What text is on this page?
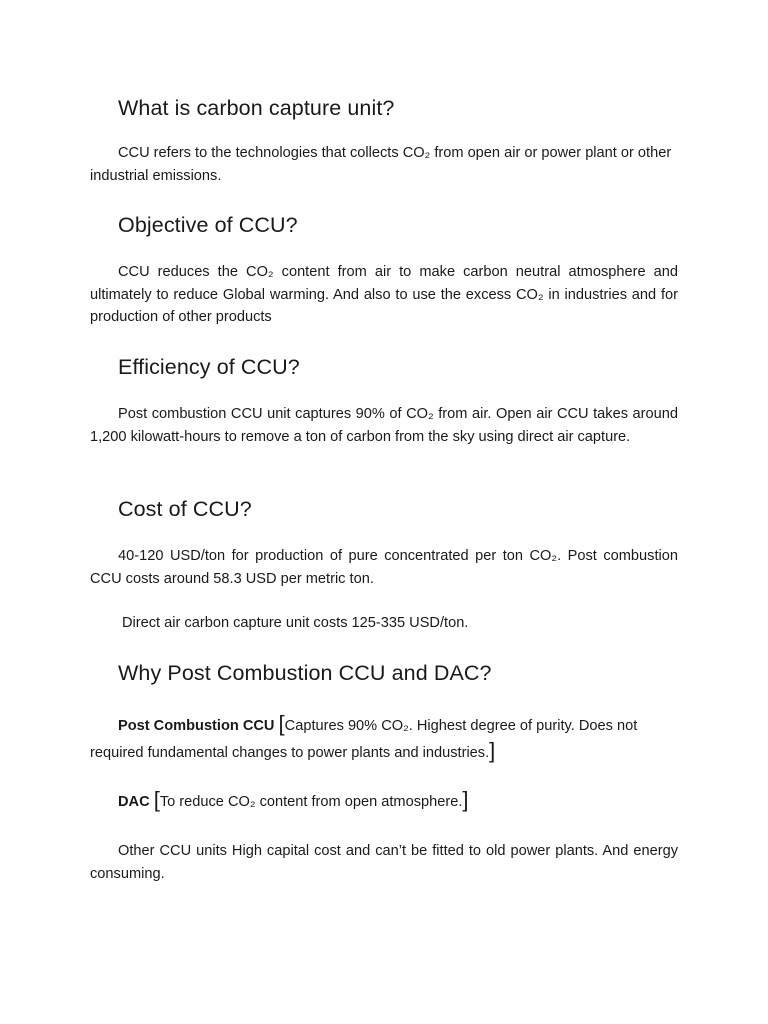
What is carbon capture unit?

CCU refers to the technologies that collects CO₂ from open air or power plant or other industrial emissions.

Objective of CCU?

CCU reduces the CO₂ content from air to make carbon neutral atmosphere and ultimately to reduce Global warming. And also to use the excess CO₂ in industries and for production of other products

Efficiency of CCU?

Post combustion CCU unit captures 90% of CO₂ from air. Open air CCU takes around 1,200 kilowatt-hours to remove a ton of carbon from the sky using direct air capture.

Cost of CCU?

40-120 USD/ton for production of pure concentrated per ton CO₂. Post combustion CCU costs around 58.3 USD per metric ton.

Direct air carbon capture unit costs 125-335 USD/ton.

Why Post Combustion CCU and DAC?

Post Combustion CCU [Captures 90% CO₂. Highest degree of purity. Does not required fundamental changes to power plants and industries.]

DAC [To reduce CO₂ content from open atmosphere.]

Other CCU units High capital cost and can’t be fitted to old power plants. And energy consuming.
